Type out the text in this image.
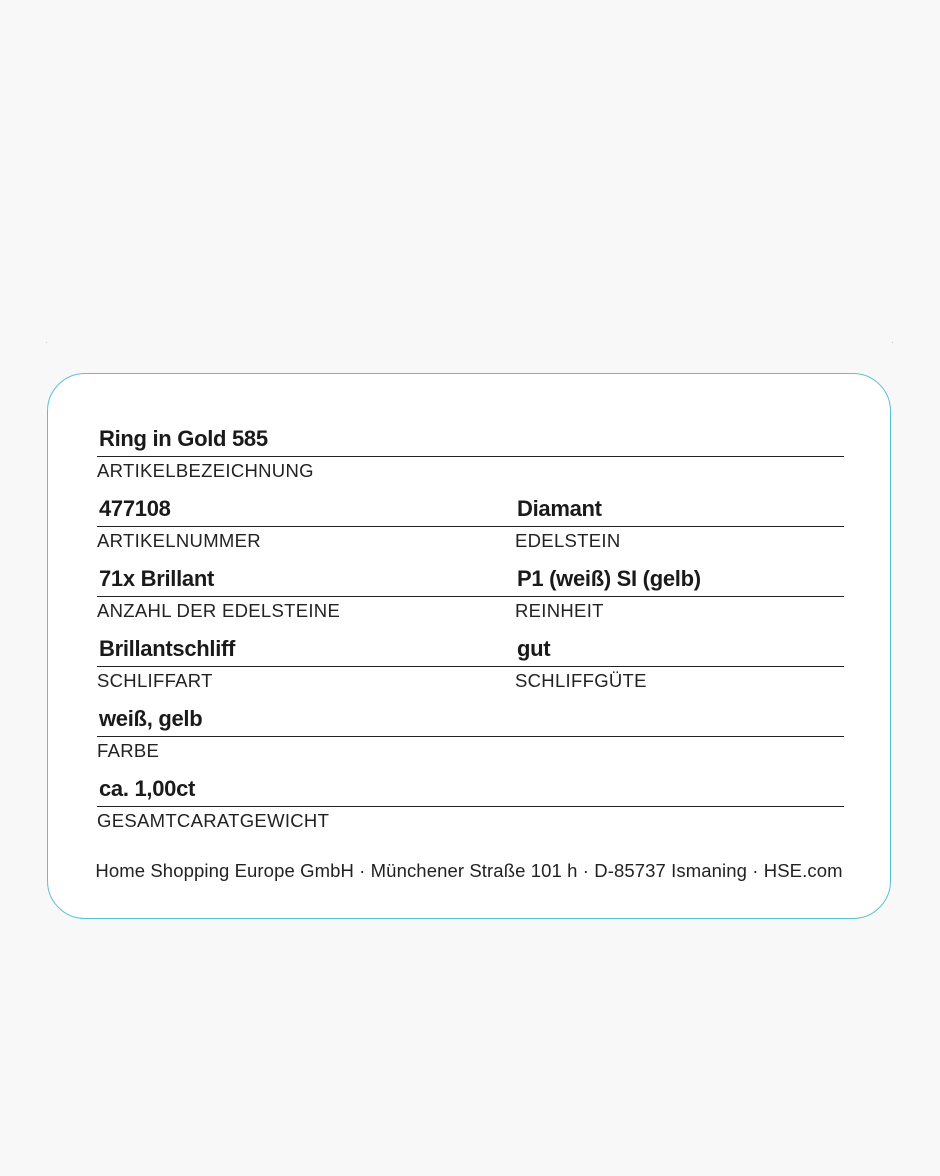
Ring in Gold 585
ARTIKELBEZEICHNUNG
477108
ARTIKELNUMMER
Diamant
EDELSTEIN
71x Brillant
ANZAHL DER EDELSTEINE
P1 (weiß) SI (gelb)
REINHEIT
Brillantschliff
SCHLIFFART
gut
SCHLIFFGÜTE
weiß, gelb
FARBE
ca. 1,00ct
GESAMTCARATGEWICHT
Home Shopping Europe GmbH · Münchener Straße 101 h · D-85737 Ismaning · HSE.com
